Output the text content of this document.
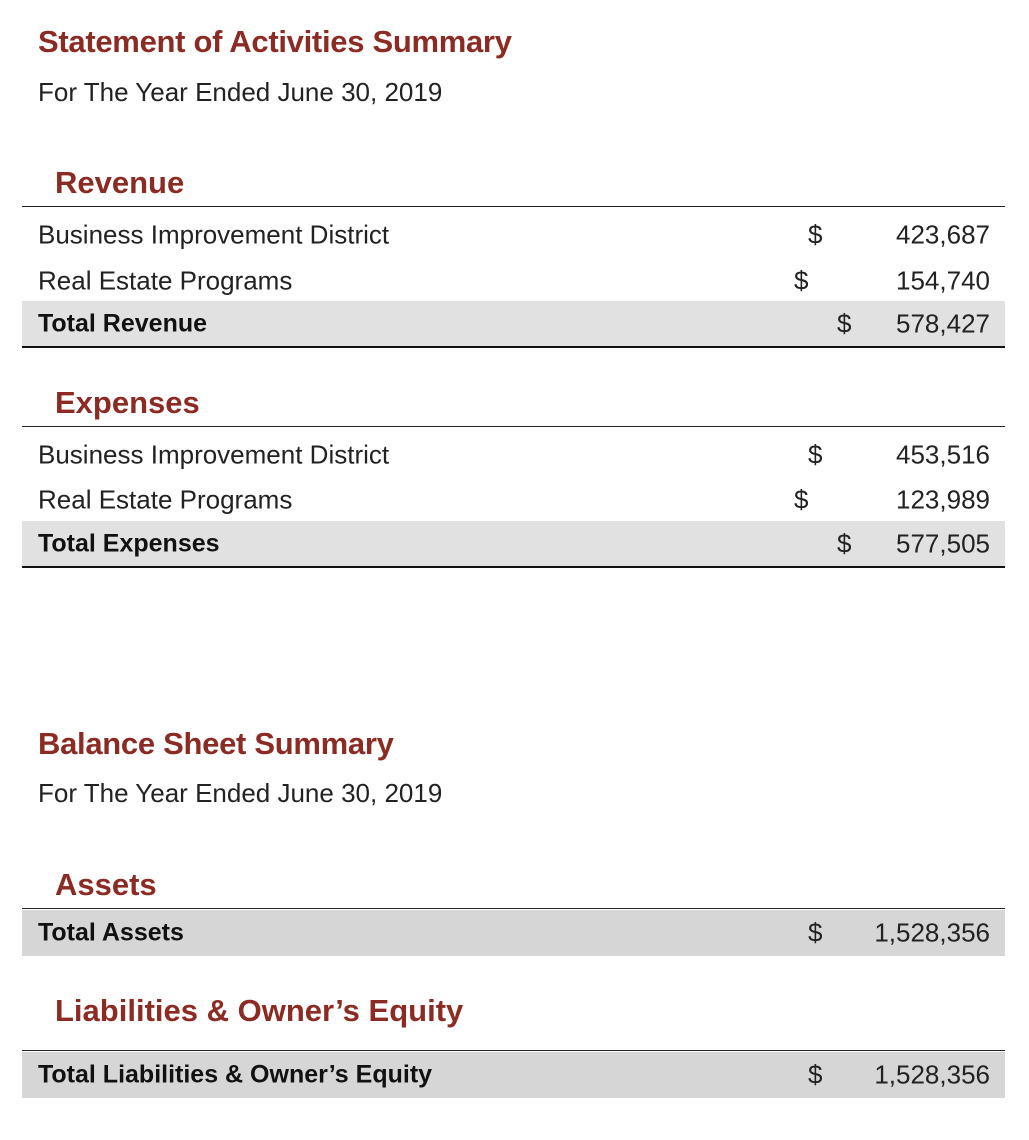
Statement of Activities Summary

For The Year Ended June 30, 2019

Revenue
Business Improvement District	$	423,687
Real Estate Programs	$	154,740
Total Revenue	$ 578,427
Expenses
Business Improvement District	$	453,516
Real Estate Programs	$	123,989
Total Expenses	$ 577,505
Balance Sheet Summary

For The Year Ended June 30, 2019

Assets
Total Assets	$ 1,528,356
Liabilities & Owner’s Equity
Total Liabilities & Owner’s Equity	$ 1,528,356
